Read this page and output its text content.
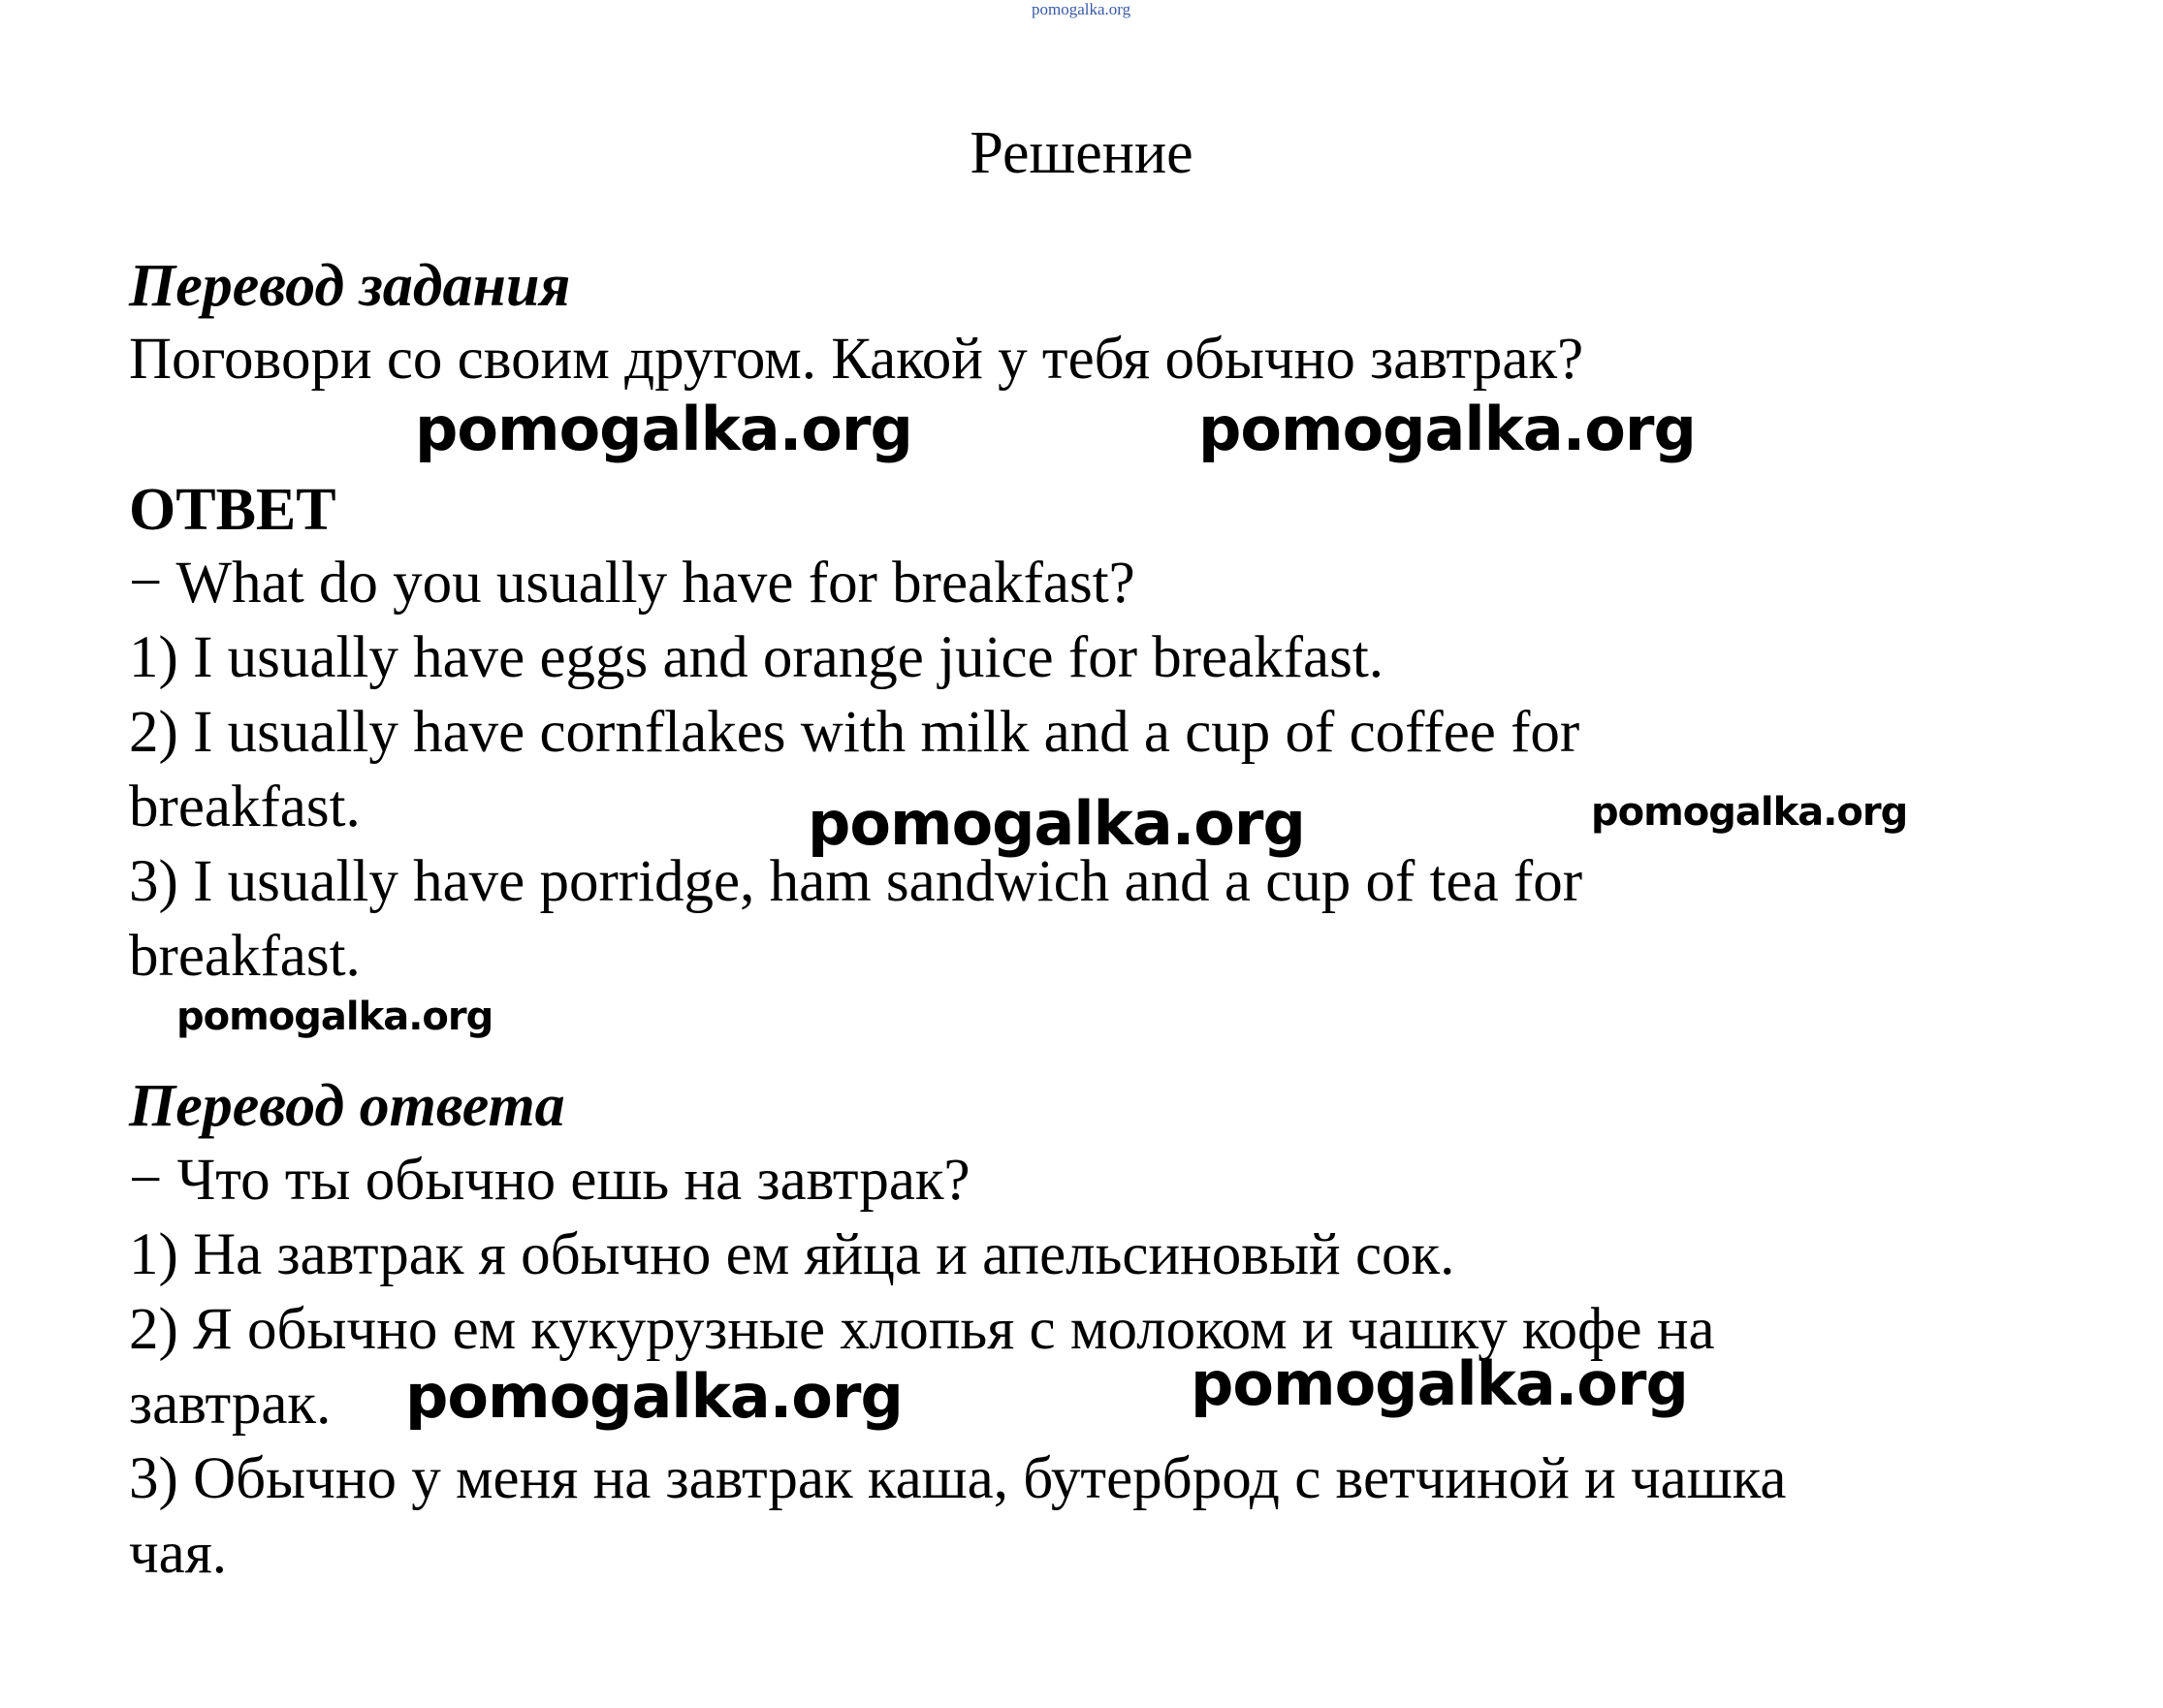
pomogalka.org
Решение

Перевод задания

Поговори со своим другом. Какой у тебя обычно завтрак?

ОТВЕТ

− What do you usually have for breakfast?

1) I usually have eggs and orange juice for breakfast.

2) I usually have cornflakes with milk and a cup of coffee for

breakfast.

3) I usually have porridge, ham sandwich and a cup of tea for

breakfast.

Перевод ответа

− Что ты обычно ешь на завтрак?

1) На завтрак я обычно ем яйца и апельсиновый сок.

2) Я обычно ем кукурузные хлопья с молоком и чашку кофе на

завтрак.

3) Обычно у меня на завтрак каша, бутерброд с ветчиной и чашка

чая.

pomogalka.org	pomogalka.org
pomogalka.org	pomogalka.org
pomogalka.org
pomogalka.org	pomogalka.org
